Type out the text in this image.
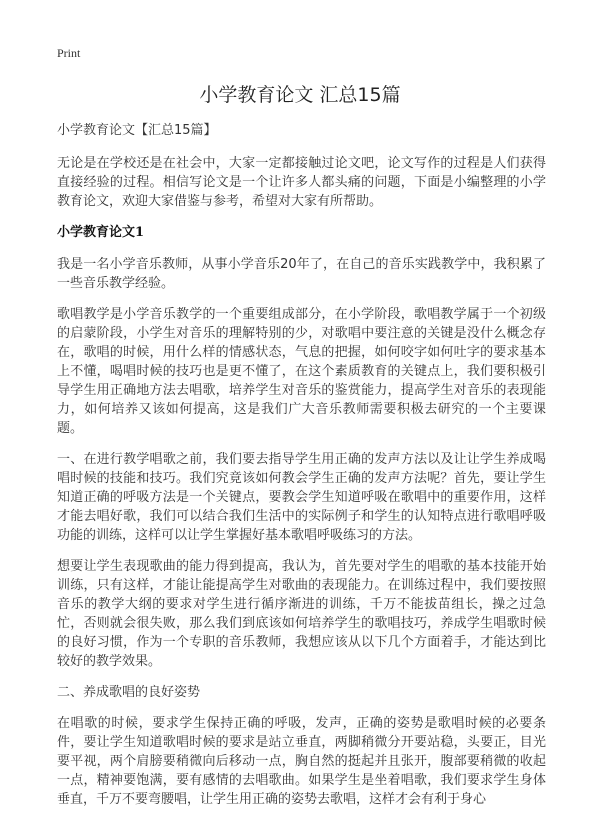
Print
小学教育论文 汇总15篇

小学教育论文【汇总15篇】

无论是在学校还是在社会中，大家一定都接触过论文吧，论文写作的过程是人们获得直接经验的过程。相信写论文是一个让许多人都头痛的问题，下面是小编整理的小学教育论文，欢迎大家借鉴与参考，希望对大家有所帮助。

小学教育论文1

我是一名小学音乐教师，从事小学音乐20年了，在自己的音乐实践教学中，我积累了一些音乐教学经验。

歌唱教学是小学音乐教学的一个重要组成部分，在小学阶段，歌唱教学属于一个初级的启蒙阶段，小学生对音乐的理解特别的少，对歌唱中要注意的关键是没什么概念存在，歌唱的时候，用什么样的情感状态，气息的把握，如何咬字如何吐字的要求基本上不懂，喝唱时候的技巧也是更不懂了，在这个素质教育的关键点上，我们要积极引导学生用正确地方法去唱歌，培养学生对音乐的鉴赏能力，提高学生对音乐的表现能力，如何培养又该如何提高，这是我们广大音乐教师需要积极去研究的一个主要课题。

一、在进行教学唱歌之前，我们要去指导学生用正确的发声方法以及让让学生养成喝唱时候的技能和技巧。我们究竟该如何教会学生正确的发声方法呢？首先，要让学生知道正确的呼吸方法是一个关键点，要教会学生知道呼吸在歌唱中的重要作用，这样才能去唱好歌，我们可以结合我们生活中的实际例子和学生的认知特点进行歌唱呼吸功能的训练，这样可以让学生掌握好基本歌唱呼吸练习的方法。

想要让学生表现歌曲的能力得到提高，我认为，首先要对学生的唱歌的基本技能开始训练，只有这样，才能让能提高学生对歌曲的表现能力。在训练过程中，我们要按照音乐的教学大纲的要求对学生进行循序渐进的训练，千万不能拔苗组长，操之过急忙，否则就会很失败，那么我们到底该如何培养学生的歌唱技巧，养成学生唱歌时候的良好习惯，作为一个专职的音乐教师，我想应该从以下几个方面着手，才能达到比较好的教学效果。

二、养成歌唱的良好姿势

在唱歌的时候，要求学生保持正确的呼吸，发声，正确的姿势是歌唱时候的必要条件，要让学生知道歌唱时候的要求是站立垂直，两脚稍微分开要站稳，头要正，目光要平视，两个肩膀要稍微向后移动一点，胸自然的挺起并且张开，腹部要稍微的收起一点，精神要饱满，要有感情的去唱歌曲。如果学生是坐着唱歌，我们要求学生身体垂直，千万不要弯腰唱，让学生用正确的姿势去歌唱，这样才会有利于身心
